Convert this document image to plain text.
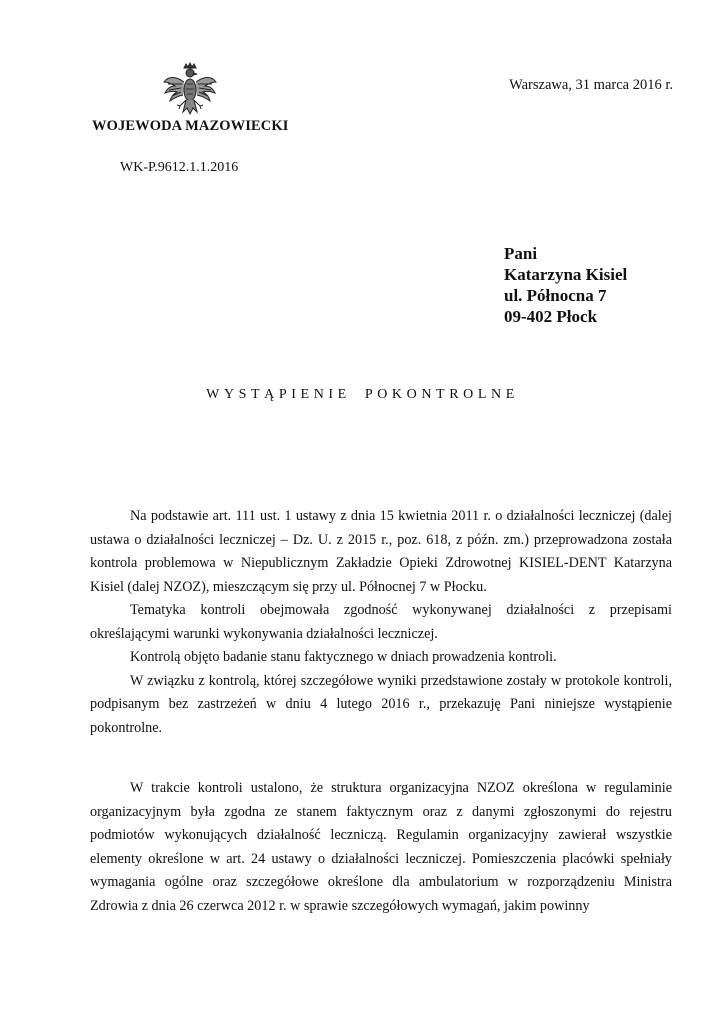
WOJEWODA MAZOWIECKI
Warszawa, 31 marca 2016 r.
WK-P.9612.1.1.2016
Pani
Katarzyna Kisiel
ul. Północna 7
09-402 Płock
WYSTĄPIENIE POKONTROLNE

Na podstawie art. 111 ust. 1 ustawy z dnia 15 kwietnia 2011 r. o działalności leczniczej (dalej ustawa o działalności leczniczej – Dz. U. z 2015 r., poz. 618, z późn. zm.) przeprowadzona została kontrola problemowa w Niepublicznym Zakładzie Opieki Zdrowotnej KISIEL-DENT Katarzyna Kisiel (dalej NZOZ), mieszczącym się przy ul. Północnej 7 w Płocku.

Tematyka kontroli obejmowała zgodność wykonywanej działalności z przepisami określającymi warunki wykonywania działalności leczniczej.

Kontrolą objęto badanie stanu faktycznego w dniach prowadzenia kontroli.

W związku z kontrolą, której szczegółowe wyniki przedstawione zostały w protokole kontroli, podpisanym bez zastrzeżeń w dniu 4 lutego 2016 r., przekazuję Pani niniejsze wystąpienie pokontrolne.

W trakcie kontroli ustalono, że struktura organizacyjna NZOZ określona w regulaminie organizacyjnym była zgodna ze stanem faktycznym oraz z danymi zgłoszonymi do rejestru podmiotów wykonujących działalność leczniczą. Regulamin organizacyjny zawierał wszystkie elementy określone w art. 24 ustawy o działalności leczniczej. Pomieszczenia placówki spełniały wymagania ogólne oraz szczegółowe określone dla ambulatorium w rozporządzeniu Ministra Zdrowia z dnia 26 czerwca 2012 r. w sprawie szczegółowych wymagań, jakim powinny
